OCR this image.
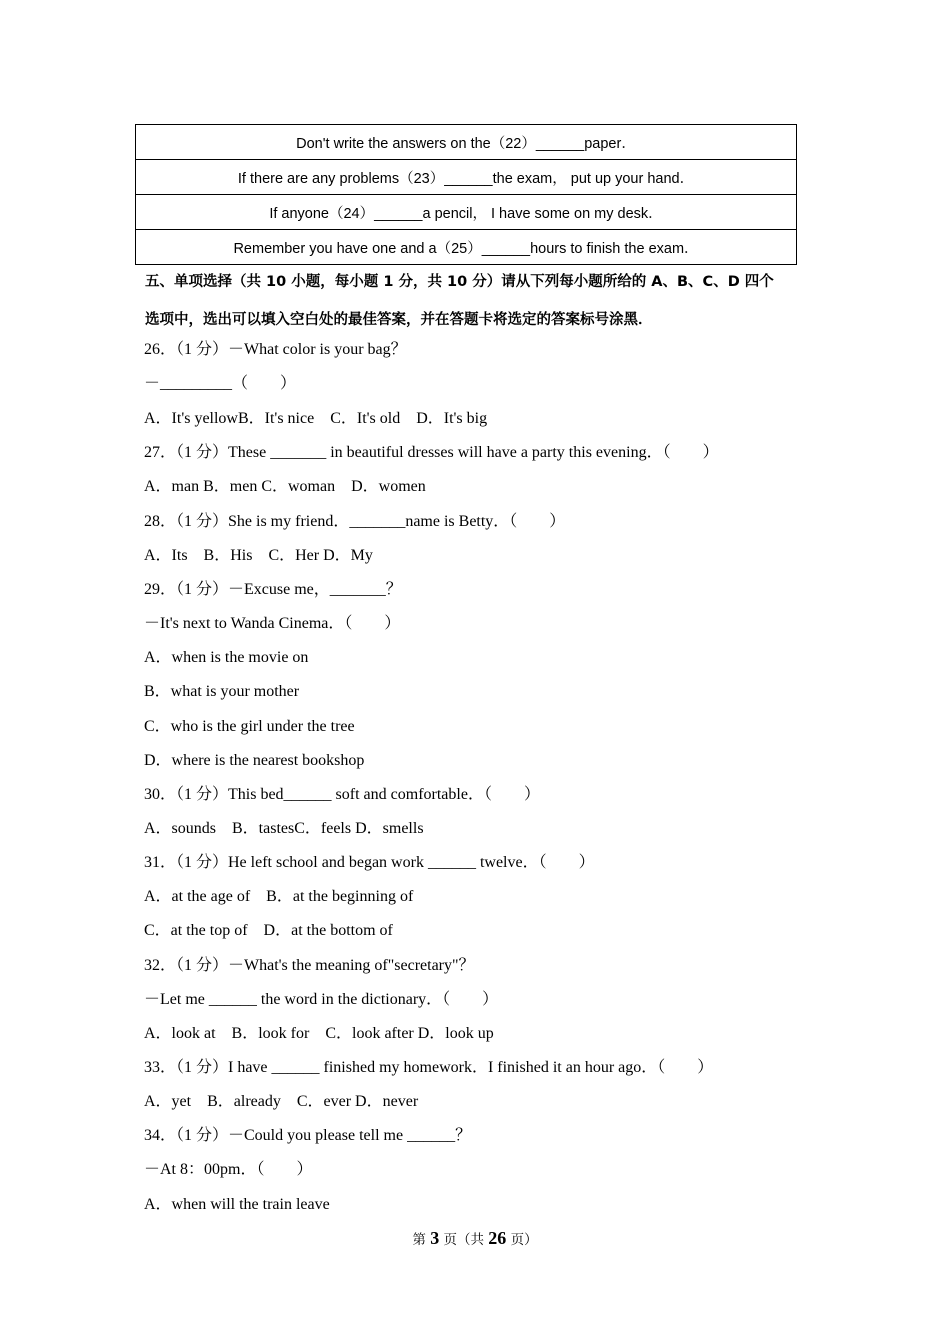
Don't write the answers on the（22）______paper．
If there are any problems（23）______the exam， put up your hand．
If anyone（24）______a pencil， I have some on my desk．
Remember you have one and a（25）______hours to finish the exam．
五、单项选择（共 10 小题，每小题 1 分，共 10 分）请从下列每小题所给的 A、B、C、D 四个
选项中，选出可以填入空白处的最佳答案，并在答题卡将选定的答案标号涂黑．
26．（1 分）－What color is your bag？
－_________（　　）
A．It's yellowB．It's nice　C．It's old　D．It's big
27．（1 分）These _______ in beautiful dresses will have a party this evening．（　　）
A．man B．men C．woman　D．women
28．（1 分）She is my friend．_______name is Betty．（　　）
A．Its　B．His　C．Her D．My
29．（1 分）－Excuse me，_______？
－It's next to Wanda Cinema．（　　）
A．when is the movie on
B．what is your mother
C．who is the girl under the tree
D．where is the nearest bookshop
30．（1 分）This bed______ soft and comfortable．（　　）
A．sounds　B．tastesC．feels D．smells
31．（1 分）He left school and began work ______ twelve．（　　）
A．at the age of　B．at the beginning of
C．at the top of　D．at the bottom of
32．（1 分）－What's the meaning of"secretary"？
－Let me ______ the word in the dictionary．（　　）
A．look at　B．look for　C．look after D．look up
33．（1 分）I have ______ finished my homework．I finished it an hour ago．（　　）
A．yet　B．already　C．ever D．never
34．（1 分）－Could you please tell me ______？
－At 8：00pm．（　　）
A．when will the train leave
第 3 页（共 26 页）
